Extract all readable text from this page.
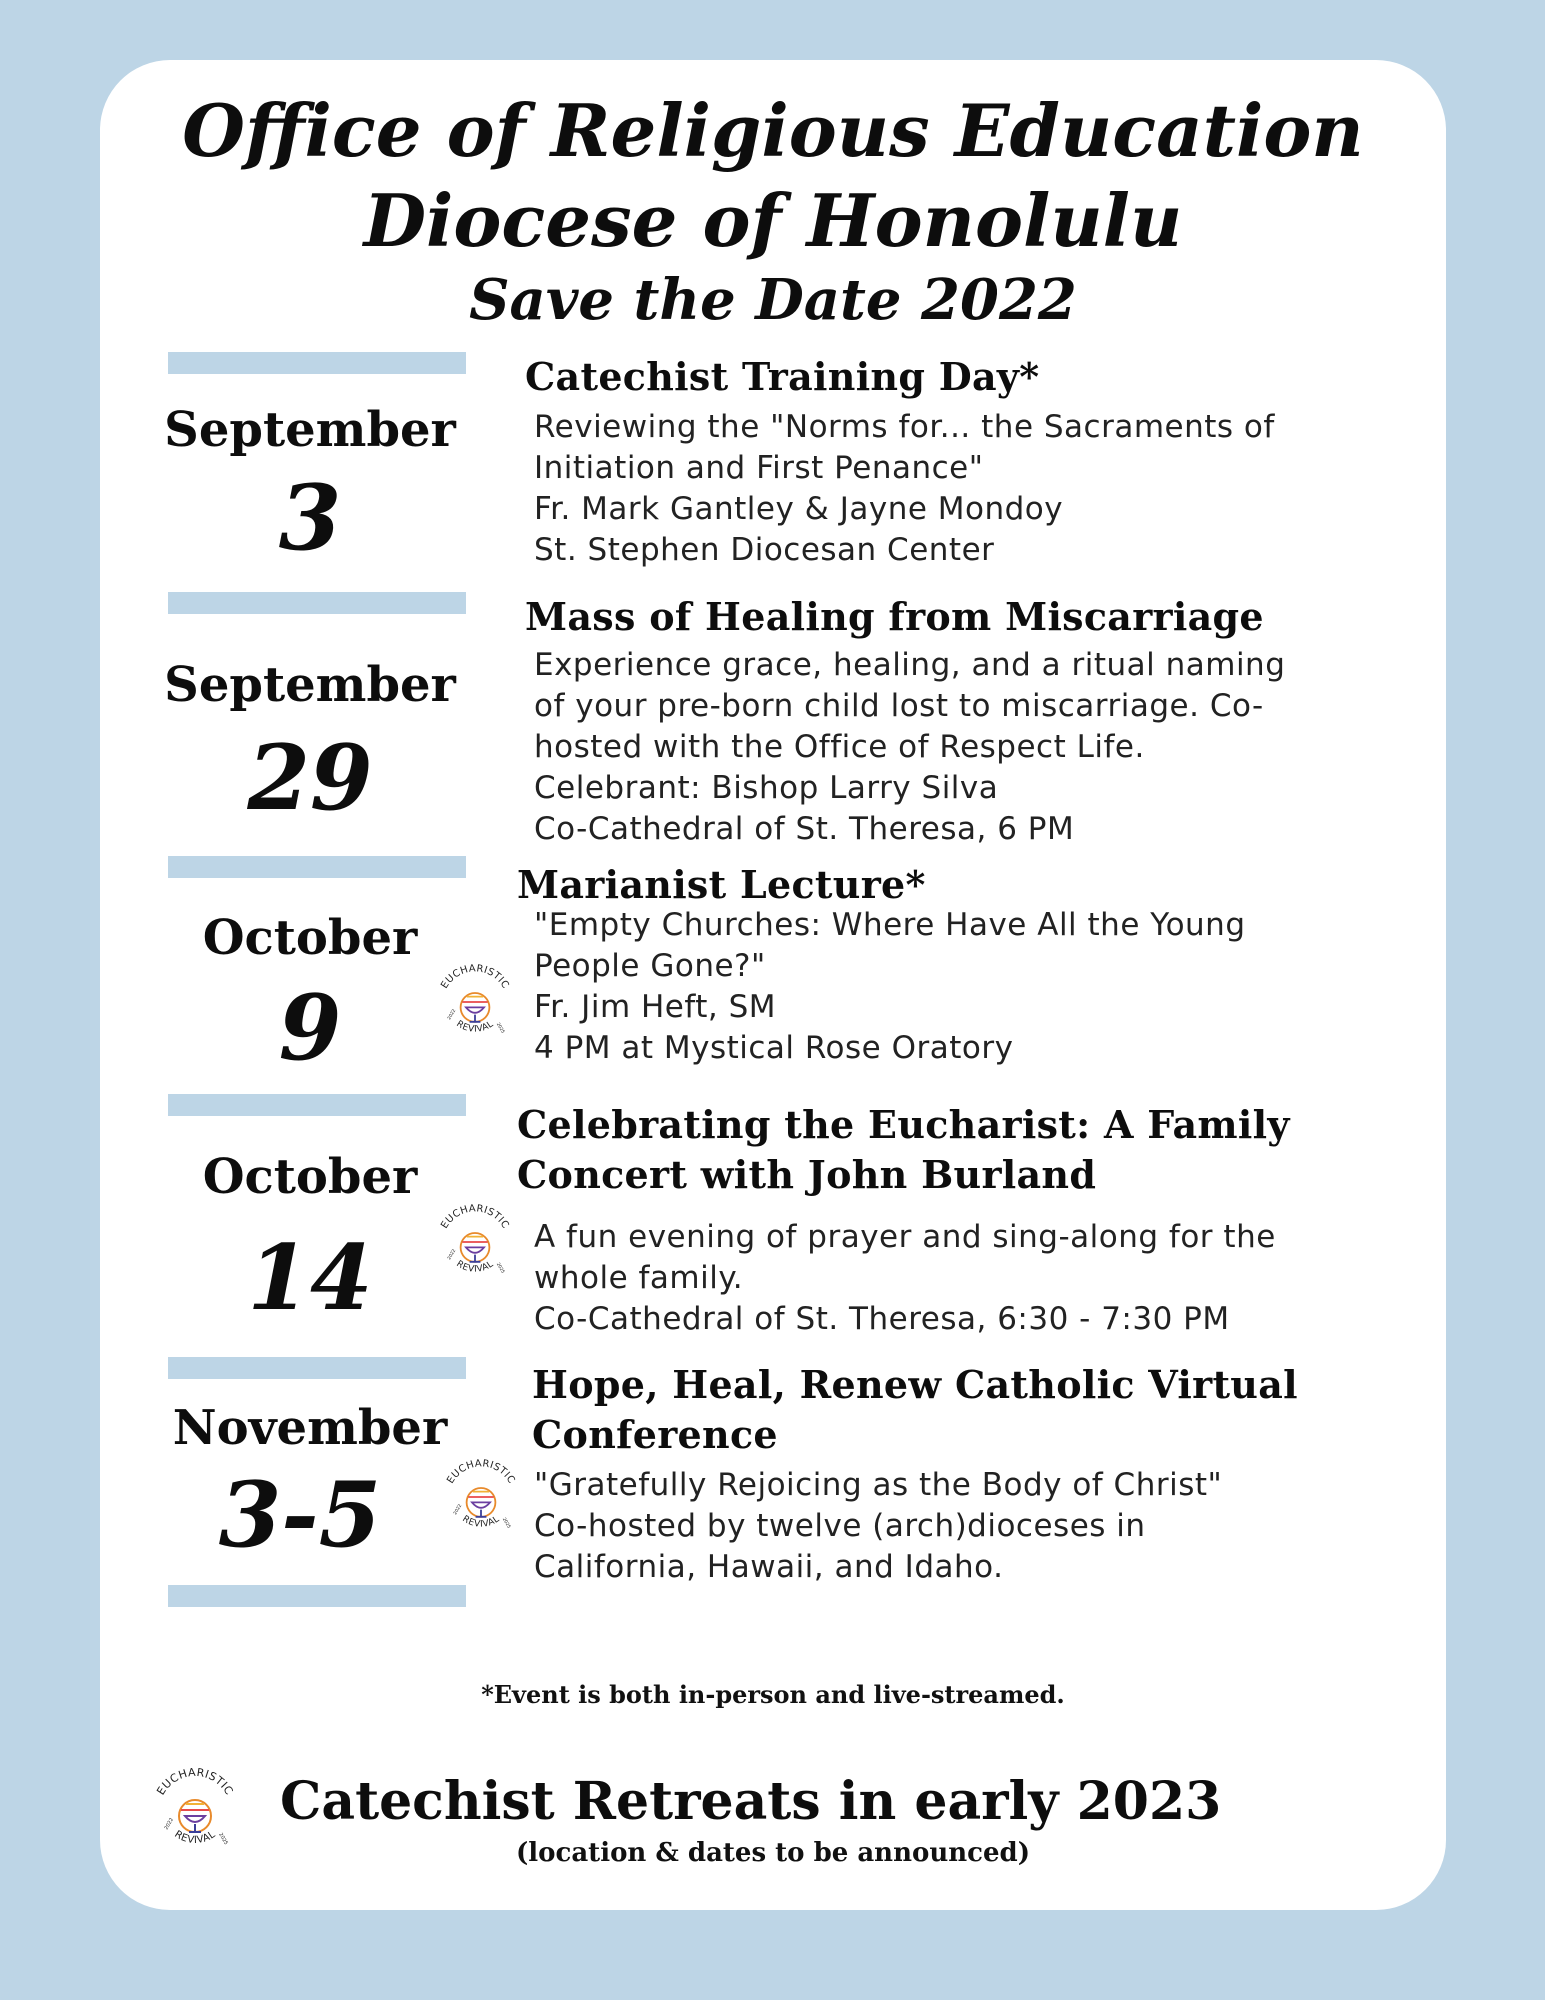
Office of Religious Education
Diocese of Honolulu
Save the Date 2022
September
3
Catechist Training Day*
Reviewing the "Norms for... the Sacraments of
Initiation and First Penance"
Fr. Mark Gantley & Jayne Mondoy
St. Stephen Diocesan Center
September
29
Mass of Healing from Miscarriage
Experience grace, healing, and a ritual naming
of your pre-born child lost to miscarriage. Co-
hosted with the Office of Respect Life.
Celebrant: Bishop Larry Silva
Co-Cathedral of St. Theresa, 6 PM
October
9
Marianist Lecture*
"Empty Churches: Where Have All the Young
People Gone?"
Fr. Jim Heft, SM
4 PM at Mystical Rose Oratory
October
14
Celebrating the Eucharist: A Family
Concert with John Burland
A fun evening of prayer and sing-along for the
whole family.
Co-Cathedral of St. Theresa, 6:30 - 7:30 PM
November
3-5
Hope, Heal, Renew Catholic Virtual
Conference
"Gratefully Rejoicing as the Body of Christ"
Co-hosted by twelve (arch)dioceses in
California, Hawaii, and Idaho.
EUCHARISTIC
REVIVAL
2022
2025
EUCHARISTIC
REVIVAL
2022
2025
EUCHARISTIC
REVIVAL
2022
2025
EUCHARISTIC
REVIVAL
2022
2025
*Event is both in-person and live-streamed.
Catechist Retreats in early 2023
(location & dates to be announced)
